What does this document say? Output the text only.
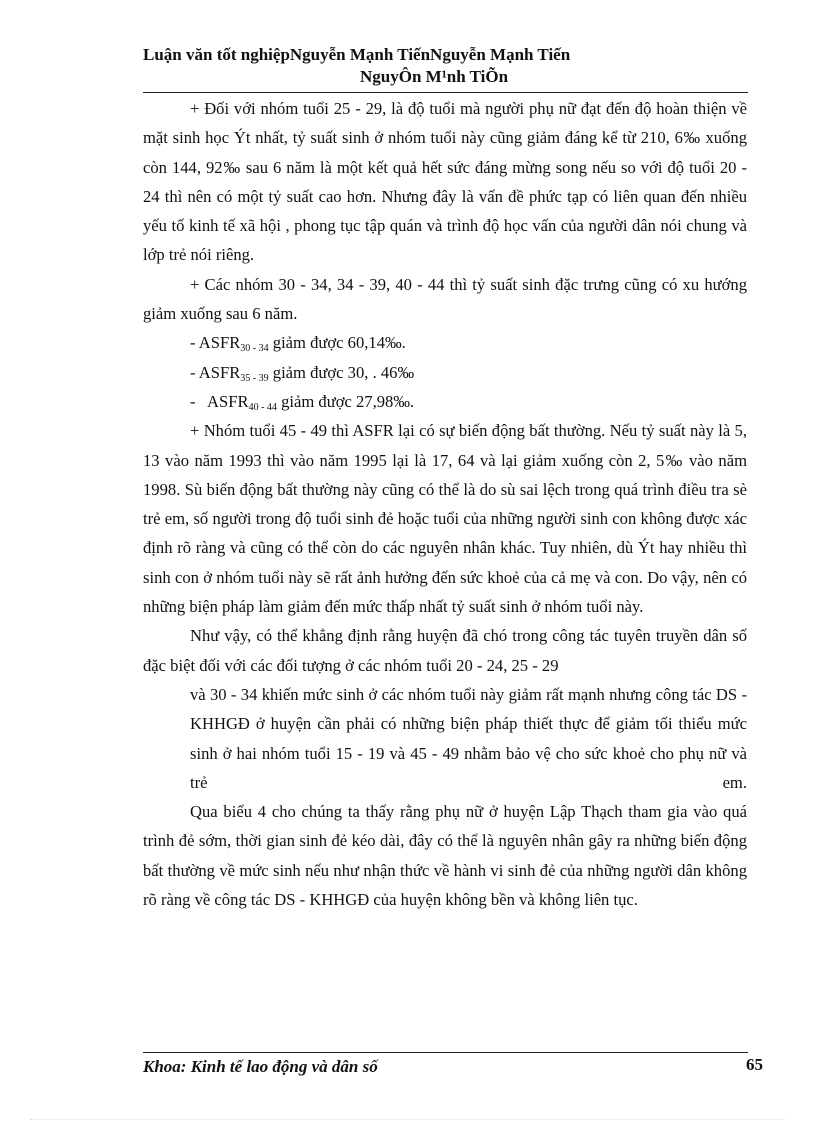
Luận văn tốt nghiệpNguyễn Mạnh TiếnNguyễn Mạnh Tiến
NguyÔn M¹nh TiÕn

+ Đối với nhóm tuổi 25 - 29, là độ tuổi mà người phụ nữ đạt đến độ hoàn thiện về mặt sinh học Ýt nhất, tỷ suất sinh ở nhóm tuổi này cũng giảm đáng kể từ 210, 6‰ xuống còn 144, 92‰ sau 6 năm là một kết quả hết sức đáng mừng song nếu so với độ tuổi 20 - 24 thì nên có một tỷ suất cao hơn. Nhưng đây là vấn đề phức tạp có liên quan đến nhiều yếu tố kinh tế xã hội , phong tục tập quán và trình độ học vấn của người dân nói chung và lớp trẻ nói riêng.

+ Các nhóm 30 - 34, 34 - 39, 40 - 44 thì tỷ suất sinh đặc trưng cũng có xu hướng giảm xuống sau 6 năm.

- $ASFR_{30 - 34}$ giảm được 60,14‰.

- $ASFR_{35 - 39}$ giảm được 30, . 46‰

-   $ASFR_{40 - 44}$ giảm được 27,98‰.

+ Nhóm tuổi 45 - 49 thì ASFR lại có sự biến động bất thường. Nếu tỷ suất này là 5, 13 vào năm 1993 thì vào năm 1995 lại là 17, 64 và lại giảm xuống còn 2, 5‰ vào năm 1998. Sù biến động bất thường này cũng có thể là do sù sai lệch trong quá trình điều tra sè trẻ em, số người trong độ tuổi sinh đẻ hoặc tuổi của những người sinh con không được xác định rõ ràng và cũng có thể còn do các nguyên nhân khác. Tuy nhiên, dù Ýt hay nhiều thì sinh con ở nhóm tuổi này sẽ rất ảnh hưởng đến sức khoẻ của cả mẹ và con. Do vậy, nên có những biện pháp làm giảm đến mức thấp nhất tỷ suất sinh ở nhóm tuổi này.

Như vậy, có thể khẳng định rằng huyện đã chó trong công tác tuyên truyền dân số đặc biệt đối với các đối tượng ở các nhóm tuổi 20 - 24, 25 - 29

và 30 - 34 khiến mức sinh ở các nhóm tuổi này giảm rất mạnh nhưng công tác DS - KHHGĐ ở huyện cần phải có những biện pháp thiết thực để giảm tối thiểu mức sinh ở hai nhóm tuổi 15 - 19 và 45 - 49 nhằm bảo vệ cho sức khoẻ cho phụ nữ và trẻ em.

Qua biểu 4 cho chúng ta thấy rằng phụ nữ ở huyện Lập Thạch tham gia vào quá trình đẻ sớm, thời gian sinh đẻ kéo dài, đây có thể là nguyên nhân gây ra những biến động bất thường về mức sinh nếu như nhận thức về hành vi sinh đẻ của những người dân không rõ ràng về công tác DS - KHHGĐ của huyện không bền và không liên tục.

Khoa: Kinh tế lao động và dân số	65
